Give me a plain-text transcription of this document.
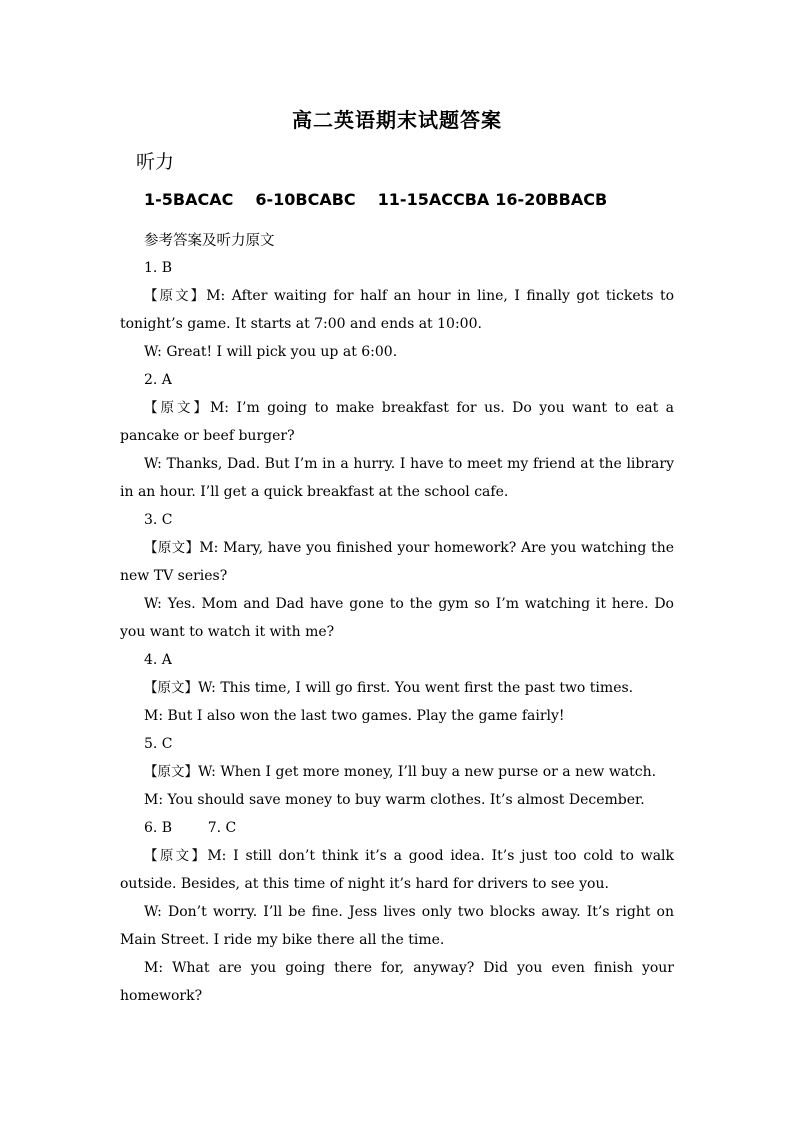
高二英语期末试题答案
听力
1-5BACAC 6-10BCABC 11-15ACCBA 16-20BBACB
参考答案及听力原文

1. B

【原文】M: After waiting for half an hour in line, I finally got tickets to tonight’s game. It starts at 7:00 and ends at 10:00.

W: Great! I will pick you up at 6:00.

2. A

【原文】M: I’m going to make breakfast for us. Do you want to eat a pancake or beef burger?

W: Thanks, Dad. But I’m in a hurry. I have to meet my friend at the library in an hour. I’ll get a quick breakfast at the school cafe.

3. C

【原文】M: Mary, have you finished your homework? Are you watching the new TV series?

W: Yes. Mom and Dad have gone to the gym so I’m watching it here. Do you want to watch it with me?

4. A

【原文】W: This time, I will go first. You went first the past two times.

M: But I also won the last two games. Play the game fairly!

5. C

【原文】W: When I get more money, I’ll buy a new purse or a new watch.

M: You should save money to buy warm clothes. It’s almost December.

6. B        7. C

【原文】M: I still don’t think it’s a good idea. It’s just too cold to walk outside. Besides, at this time of night it’s hard for drivers to see you.

W: Don’t worry. I’ll be fine. Jess lives only two blocks away. It’s right on Main Street. I ride my bike there all the time.

M: What are you going there for, anyway? Did you even finish your homework?
